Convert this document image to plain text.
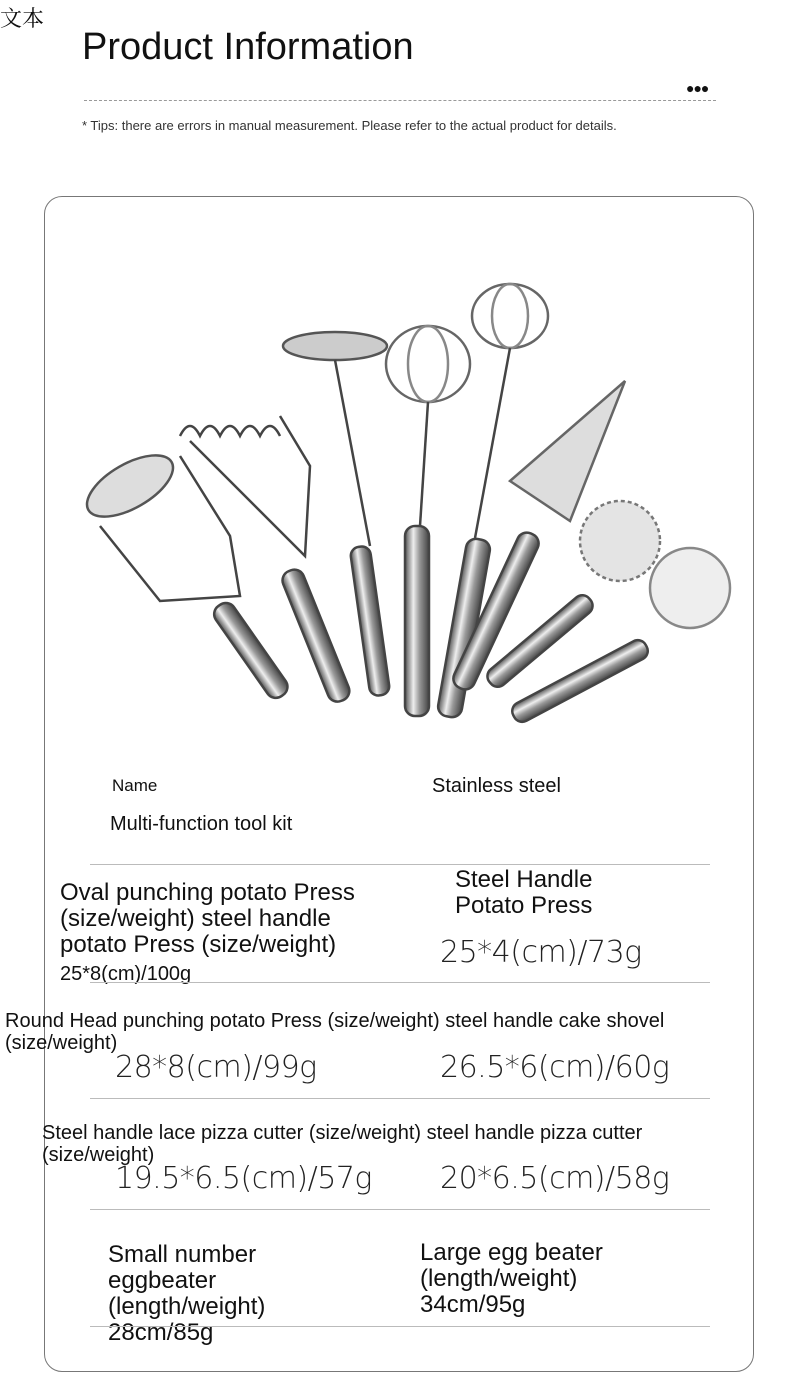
文本
Product Information
●●●
* Tips: there are errors in manual measurement. Please refer to the actual product for details.
Name	Stainless steel
Multi-function tool kit
Oval punching potato Press (size/weight) steel handle potato Press (size/weight)
25*8(cm)/100g
Steel Handle Potato Press
25*4(cm)/73g
Round Head punching potato Press (size/weight) steel handle cake shovel (size/weight)
28*8(cm)/99g	26.5*6(cm)/60g
Steel handle lace pizza cutter (size/weight) steel handle pizza cutter (size/weight)
19.5*6.5(cm)/57g 20*6.5(cm)/58g
Small number eggbeater (length/weight) 28cm/85g
Large egg beater (length/weight) 34cm/95g
